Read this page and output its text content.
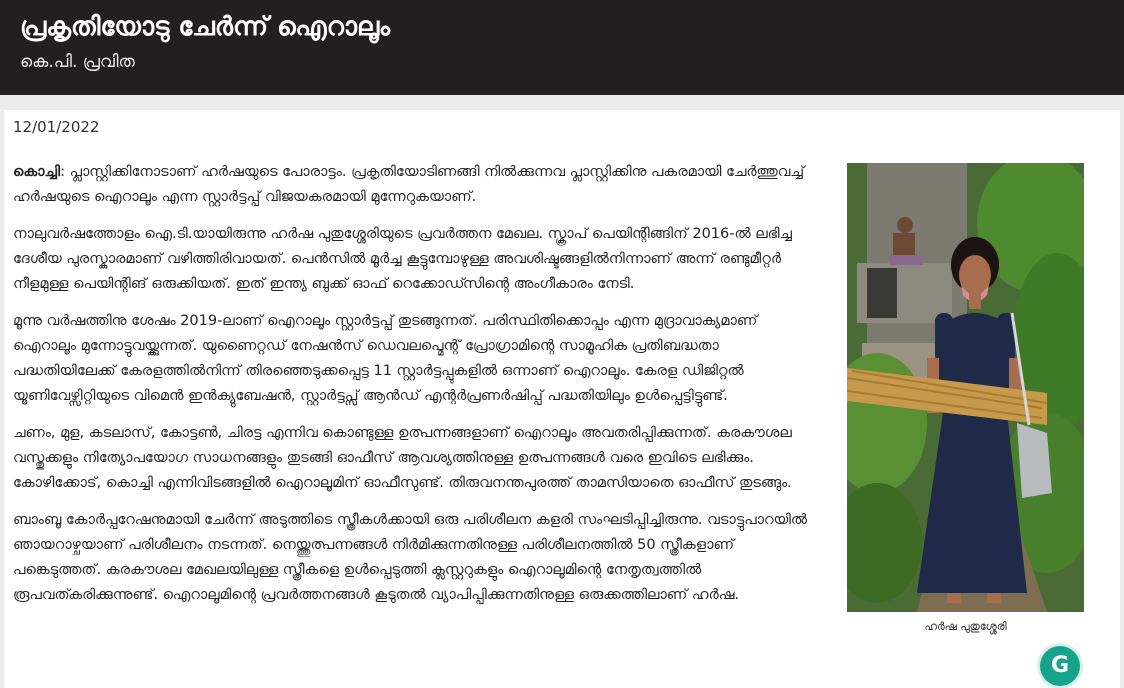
പ്രകൃതിയോടു ചേർന്ന് ഐറാലൂം
കെ.പി. പ്രവിത
12/01/2022

കൊച്ചി: പ്ലാസ്റ്റിക്കിനോടാണ് ഹർഷയുടെ പോരാട്ടം. പ്രകൃതിയോടിണങ്ങി നിൽക്കുന്നവ പ്ലാസ്റ്റിക്കിനു പകരമായി ചേർത്തുവച്ച് ഹർഷയുടെ ഐറാലൂം എന്ന സ്റ്റാർട്ടപ്പ് വിജയകരമായി മുന്നേറുകയാണ്.

നാലുവർഷത്തോളം ഐ.ടി.യായിരുന്നു ഹർഷ പുതുശ്ശേരിയുടെ പ്രവർത്തന മേഖല. സ്ക്രാപ് പെയിന്റിങ്ങിന് 2016-ൽ ലഭിച്ച ദേശീയ പുരസ്കാരമാണ് വഴിത്തിരിവായത്. പെൻസിൽ മൂർച്ച കൂട്ടുമ്പോഴുള്ള അവശിഷ്ടങ്ങളിൽനിന്നാണ് അന്ന് രണ്ടുമീറ്റർ നീളമുള്ള പെയിന്റിങ് ഒരുക്കിയത്. ഇത് ഇന്ത്യ ബുക്ക് ഓഫ് റെക്കോഡ്സിന്റെ അംഗീകാരം നേടി.

മൂന്നു വർഷത്തിനു ശേഷം 2019-ലാണ് ഐറാലൂം സ്റ്റാർട്ടപ്പ് തുടങ്ങുന്നത്. പരിസ്ഥിതിക്കൊപ്പം എന്ന മുദ്രാവാക്യമാണ് ഐറാലൂം മുന്നോട്ടുവയ്ക്കുന്നത്. യുണൈറ്റഡ് നേഷൻസ് ഡെവലപ്മെന്റ് പ്രോഗ്രാമിന്റെ സാമൂഹിക പ്രതിബദ്ധതാ പദ്ധതിയിലേക്ക് കേരളത്തിൽനിന്ന് തിരഞ്ഞെടുക്കപ്പെട്ട 11 സ്റ്റാർട്ടപ്പുകളിൽ ഒന്നാണ് ഐറാലൂം. കേരള ഡിജിറ്റൽ യൂണിവേഴ്സിറ്റിയുടെ വിമെൻ ഇൻക്യുബേഷൻ, സ്റ്റാർട്ടപ്സ് ആൻഡ് എന്റർപ്രണർഷിപ്പ് പദ്ധതിയിലും ഉൾപ്പെട്ടിട്ടുണ്ട്.

ചണം, മുള, കടലാസ്, കോട്ടൺ, ചിരട്ട എന്നിവ കൊണ്ടുള്ള ഉത്പന്നങ്ങളാണ് ഐറാലൂം അവതരിപ്പിക്കുന്നത്. കരകൗശല വസ്തുക്കളും നിത്യോപയോഗ സാധനങ്ങളും തുടങ്ങി ഓഫീസ് ആവശ്യത്തിനുള്ള ഉത്പന്നങ്ങൾ വരെ ഇവിടെ ലഭിക്കും. കോഴിക്കോട്, കൊച്ചി എന്നിവിടങ്ങളിൽ ഐറാലൂമിന് ഓഫീസുണ്ട്. തിരുവനന്തപുരത്ത് താമസിയാതെ ഓഫീസ് തുടങ്ങും.

ബാംബൂ കോർപ്പറേഷനുമായി ചേർന്ന് അടുത്തിടെ സ്ത്രീകൾക്കായി ഒരു പരിശീലന കളരി സംഘടിപ്പിച്ചിരുന്നു. വടാട്ടുപാറയിൽ ഞായറാഴ്ചയാണ് പരിശീലനം നടന്നത്. നെയ്ത്തുത്പന്നങ്ങൾ നിർമിക്കുന്നതിനുള്ള പരിശീലനത്തിൽ 50 സ്ത്രീകളാണ് പങ്കെടുത്തത്. കരകൗശല മേഖലയിലുള്ള സ്ത്രീകളെ ഉൾപ്പെടുത്തി ക്ലസ്റ്ററുകളും ഐറാലൂമിന്റെ നേതൃത്വത്തിൽ രൂപവത്കരിക്കുന്നുണ്ട്. ഐറാലൂമിന്റെ പ്രവർത്തനങ്ങൾ കൂടുതൽ വ്യാപിപ്പിക്കുന്നതിനുള്ള ഒരുക്കത്തിലാണ് ഹർഷ.

ഹർഷ പുതുശ്ശേരി
G
